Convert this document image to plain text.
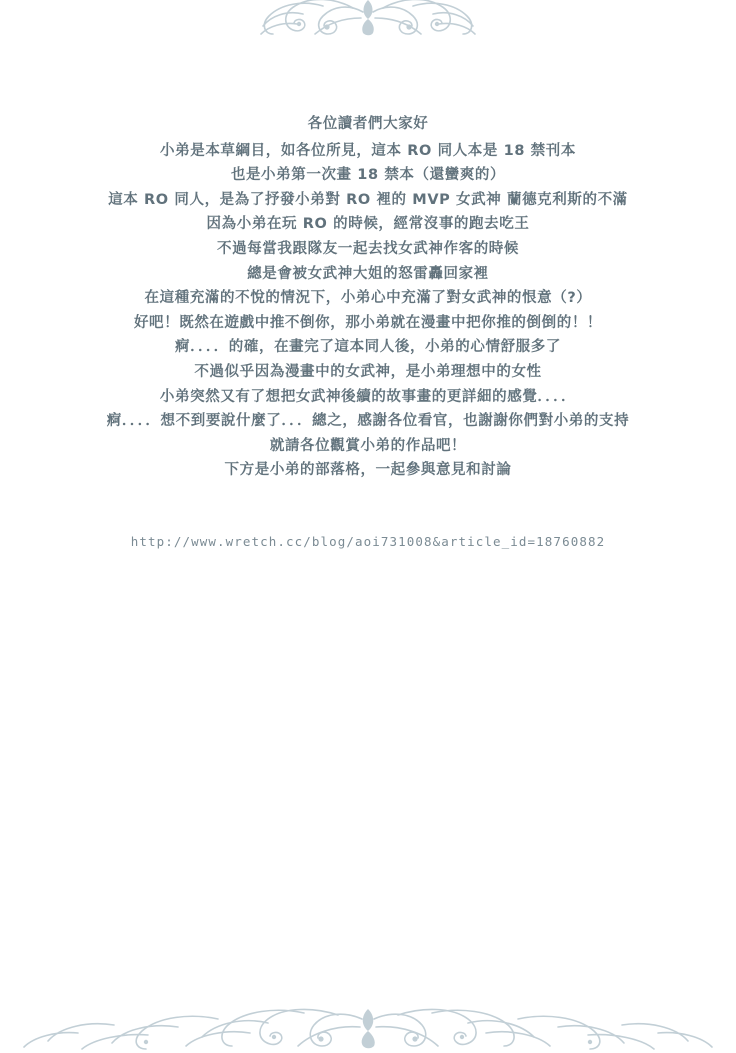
各位讀者們大家好
小弟是本草綱目，如各位所見，這本 RO 同人本是 18 禁刊本
也是小弟第一次畫 18 禁本（還蠻爽的）
這本 RO 同人，是為了抒發小弟對 RO 裡的 MVP 女武神 蘭德克利斯的不滿
因為小弟在玩 RO 的時候，經常沒事的跑去吃王
不過每當我跟隊友一起去找女武神作客的時候
總是會被女武神大姐的怒雷轟回家裡
在這種充滿的不悅的情況下，小弟心中充滿了對女武神的恨意（?）
好吧！既然在遊戲中推不倒你，那小弟就在漫畫中把你推的倒倒的！！
痾．．．．的確，在畫完了這本同人後，小弟的心情舒服多了
不過似乎因為漫畫中的女武神，是小弟理想中的女性
小弟突然又有了想把女武神後續的故事畫的更詳細的感覺．．．．
痾．．．．想不到要說什麼了．．．總之，感謝各位看官，也謝謝你們對小弟的支持
就請各位觀賞小弟的作品吧！
下方是小弟的部落格，一起參與意見和討論
http://www.wretch.cc/blog/aoi731008&article_id=18760882
